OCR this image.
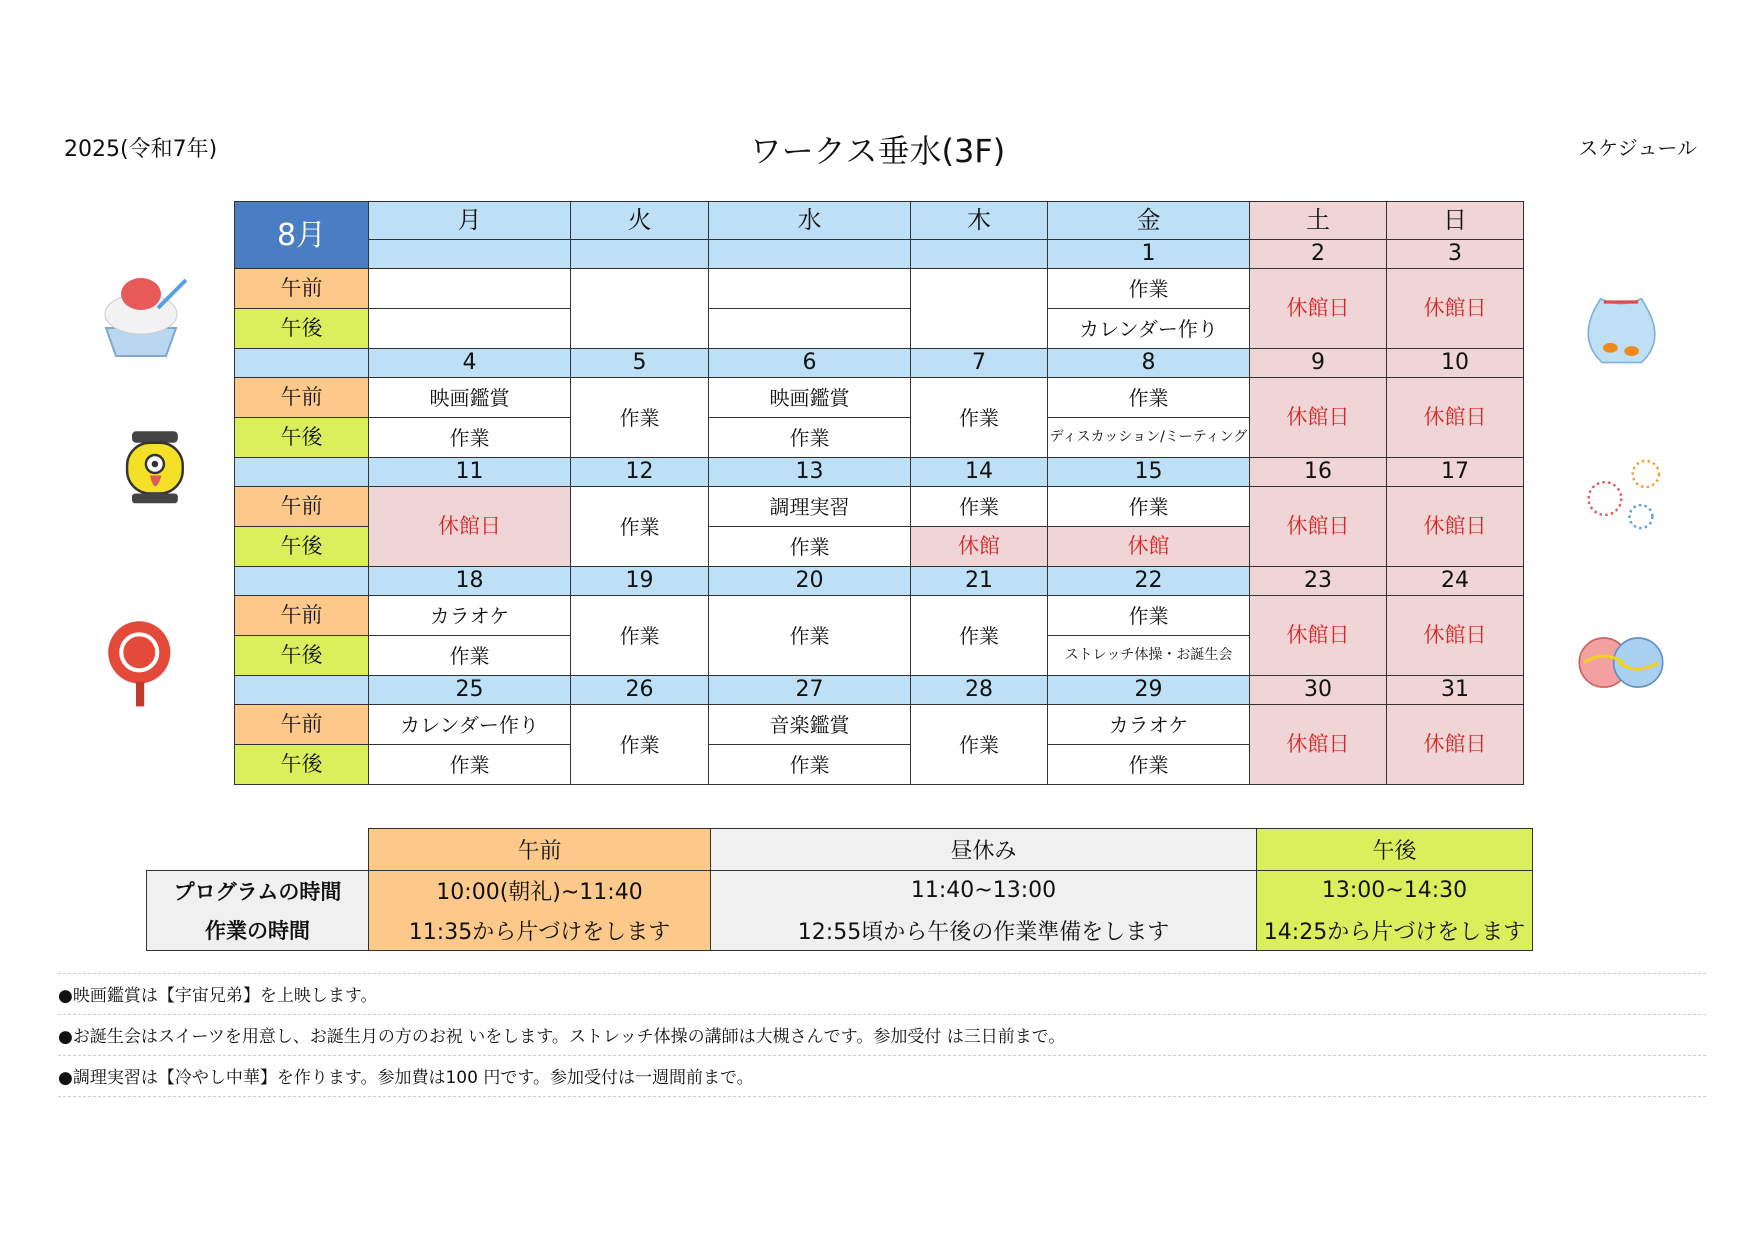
2025(令和7年)	ワークス垂水(3F)	スケジュール
8月	月	火	水	木	金	土	日
					1	2	3
午前					作業	休館日	休館日
午後					カレンダー作り		
	4	5	6	7	8	9	10
午前	映画鑑賞	作業	映画鑑賞	作業	作業	休館日	休館日
午後	作業		作業		ディスカッション/ミーティング		
	11	12	13	14	15	16	17
午前	休館日	作業	調理実習	作業	作業	休館日	休館日
午後			作業	休館	休館		
	18	19	20	21	22	23	24
午前	カラオケ	作業	作業	作業	作業	休館日	休館日
午後	作業				ストレッチ体操・お誕生会		
	25	26	27	28	29	30	31
午前	カレンダー作り	作業	音楽鑑賞	作業	カラオケ	休館日	休館日
午後	作業		作業		作業		
	午前	昼休み	午後
プログラムの時間	10:00(朝礼)~11:40	11:40~13:00	13:00~14:30
作業の時間	11:35から片づけをします	12:55頃から午後の作業準備をします	14:25から片づけをします
●映画鑑賞は【宇宙兄弟】を上映します。
●お誕生会はスイーツを用意し、お誕生月の方のお祝 いをします。ストレッチ体操の講師は大槻さんです。参加受付 は三日前まで。
●調理実習は【冷やし中華】を作ります。参加費は100 円です。参加受付は一週間前まで。
